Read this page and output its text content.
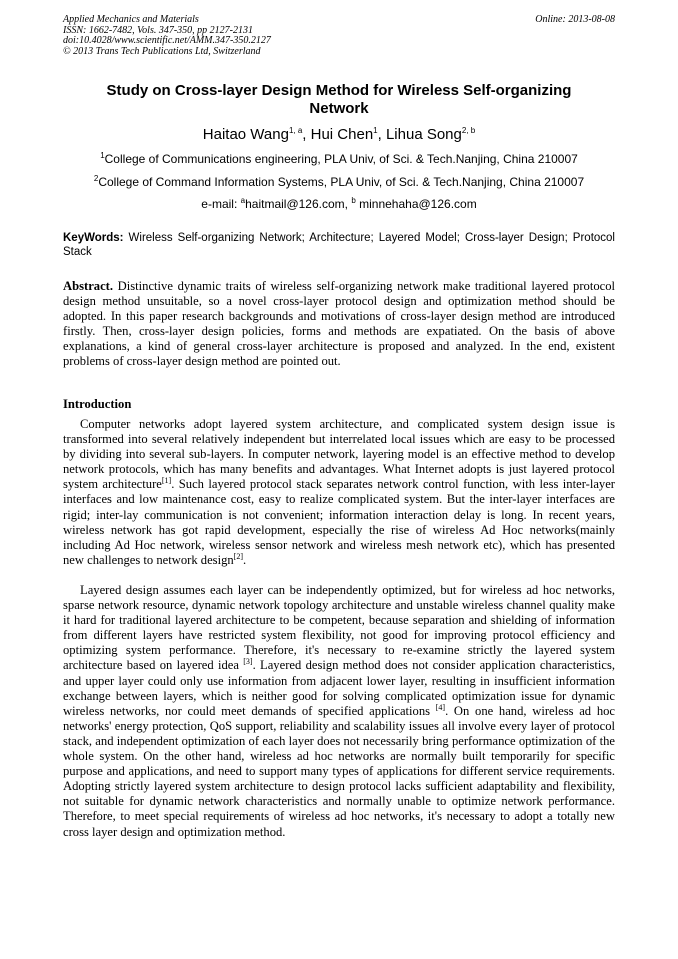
Applied Mechanics and Materials
ISSN: 1662-7482, Vols. 347-350, pp 2127-2131
doi:10.4028/www.scientific.net/AMM.347-350.2127
© 2013 Trans Tech Publications Ltd, Switzerland
Online: 2013-08-08
Study on Cross-layer Design Method for Wireless Self-organizing
Network
Haitao Wang$^{1, a}$, Hui Chen$^1$, Lihua Song$^{2, b}$
$^1$College of Communications engineering, PLA Univ, of Sci. & Tech.Nanjing, China 210007
$^2$College of Command Information Systems, PLA Univ, of Sci. & Tech.Nanjing, China 210007
e-mail: $^a$haitmail@126.com, $^b$ minnehaha@126.com
KeyWords: Wireless Self-organizing Network; Architecture; Layered Model; Cross-layer Design; Protocol Stack
Abstract. Distinctive dynamic traits of wireless self-organizing network make traditional layered protocol design method unsuitable, so a novel cross-layer protocol design and optimization method should be adopted. In this paper research backgrounds and motivations of cross-layer design method are introduced firstly. Then, cross-layer design policies, forms and methods are expatiated. On the basis of above explanations, a kind of general cross-layer architecture is proposed and analyzed. In the end, existent problems of cross-layer design method are pointed out.
Introduction
Computer networks adopt layered system architecture, and complicated system design issue is transformed into several relatively independent but interrelated local issues which are easy to be processed by dividing into several sub-layers. In computer network, layering model is an effective method to develop network protocols, which has many benefits and advantages. What Internet adopts is just layered protocol system architecture[1]. Such layered protocol stack separates network control function, with less inter-layer interfaces and low maintenance cost, easy to realize complicated system. But the inter-layer interfaces are rigid; inter-lay communication is not convenient; information interaction delay is long. In recent years, wireless network has got rapid development, especially the rise of wireless Ad Hoc networks(mainly including Ad Hoc network, wireless sensor network and wireless mesh network etc), which has presented new challenges to network design[2].
Layered design assumes each layer can be independently optimized, but for wireless ad hoc networks, sparse network resource, dynamic network topology architecture and unstable wireless channel quality make it hard for traditional layered architecture to be competent, because separation and shielding of information from different layers have restricted system flexibility, not good for improving protocol efficiency and optimizing system performance. Therefore, it's necessary to re-examine strictly the layered system architecture based on layered idea [3]. Layered design method does not consider application characteristics, and upper layer could only use information from adjacent lower layer, resulting in insufficient information exchange between layers, which is neither good for solving complicated optimization issue for dynamic wireless networks, nor could meet demands of specified applications [4]. On one hand, wireless ad hoc networks' energy protection, QoS support, reliability and scalability issues all involve every layer of protocol stack, and independent optimization of each layer does not necessarily bring performance optimization of the whole system. On the other hand, wireless ad hoc networks are normally built temporarily for specific purpose and applications, and need to support many types of applications for different service requirements. Adopting strictly layered system architecture to design protocol lacks sufficient adaptability and flexibility, not suitable for dynamic network characteristics and normally unable to optimize network performance. Therefore, to meet special requirements of wireless ad hoc networks, it's necessary to adopt a totally new cross layer design and optimization method.
